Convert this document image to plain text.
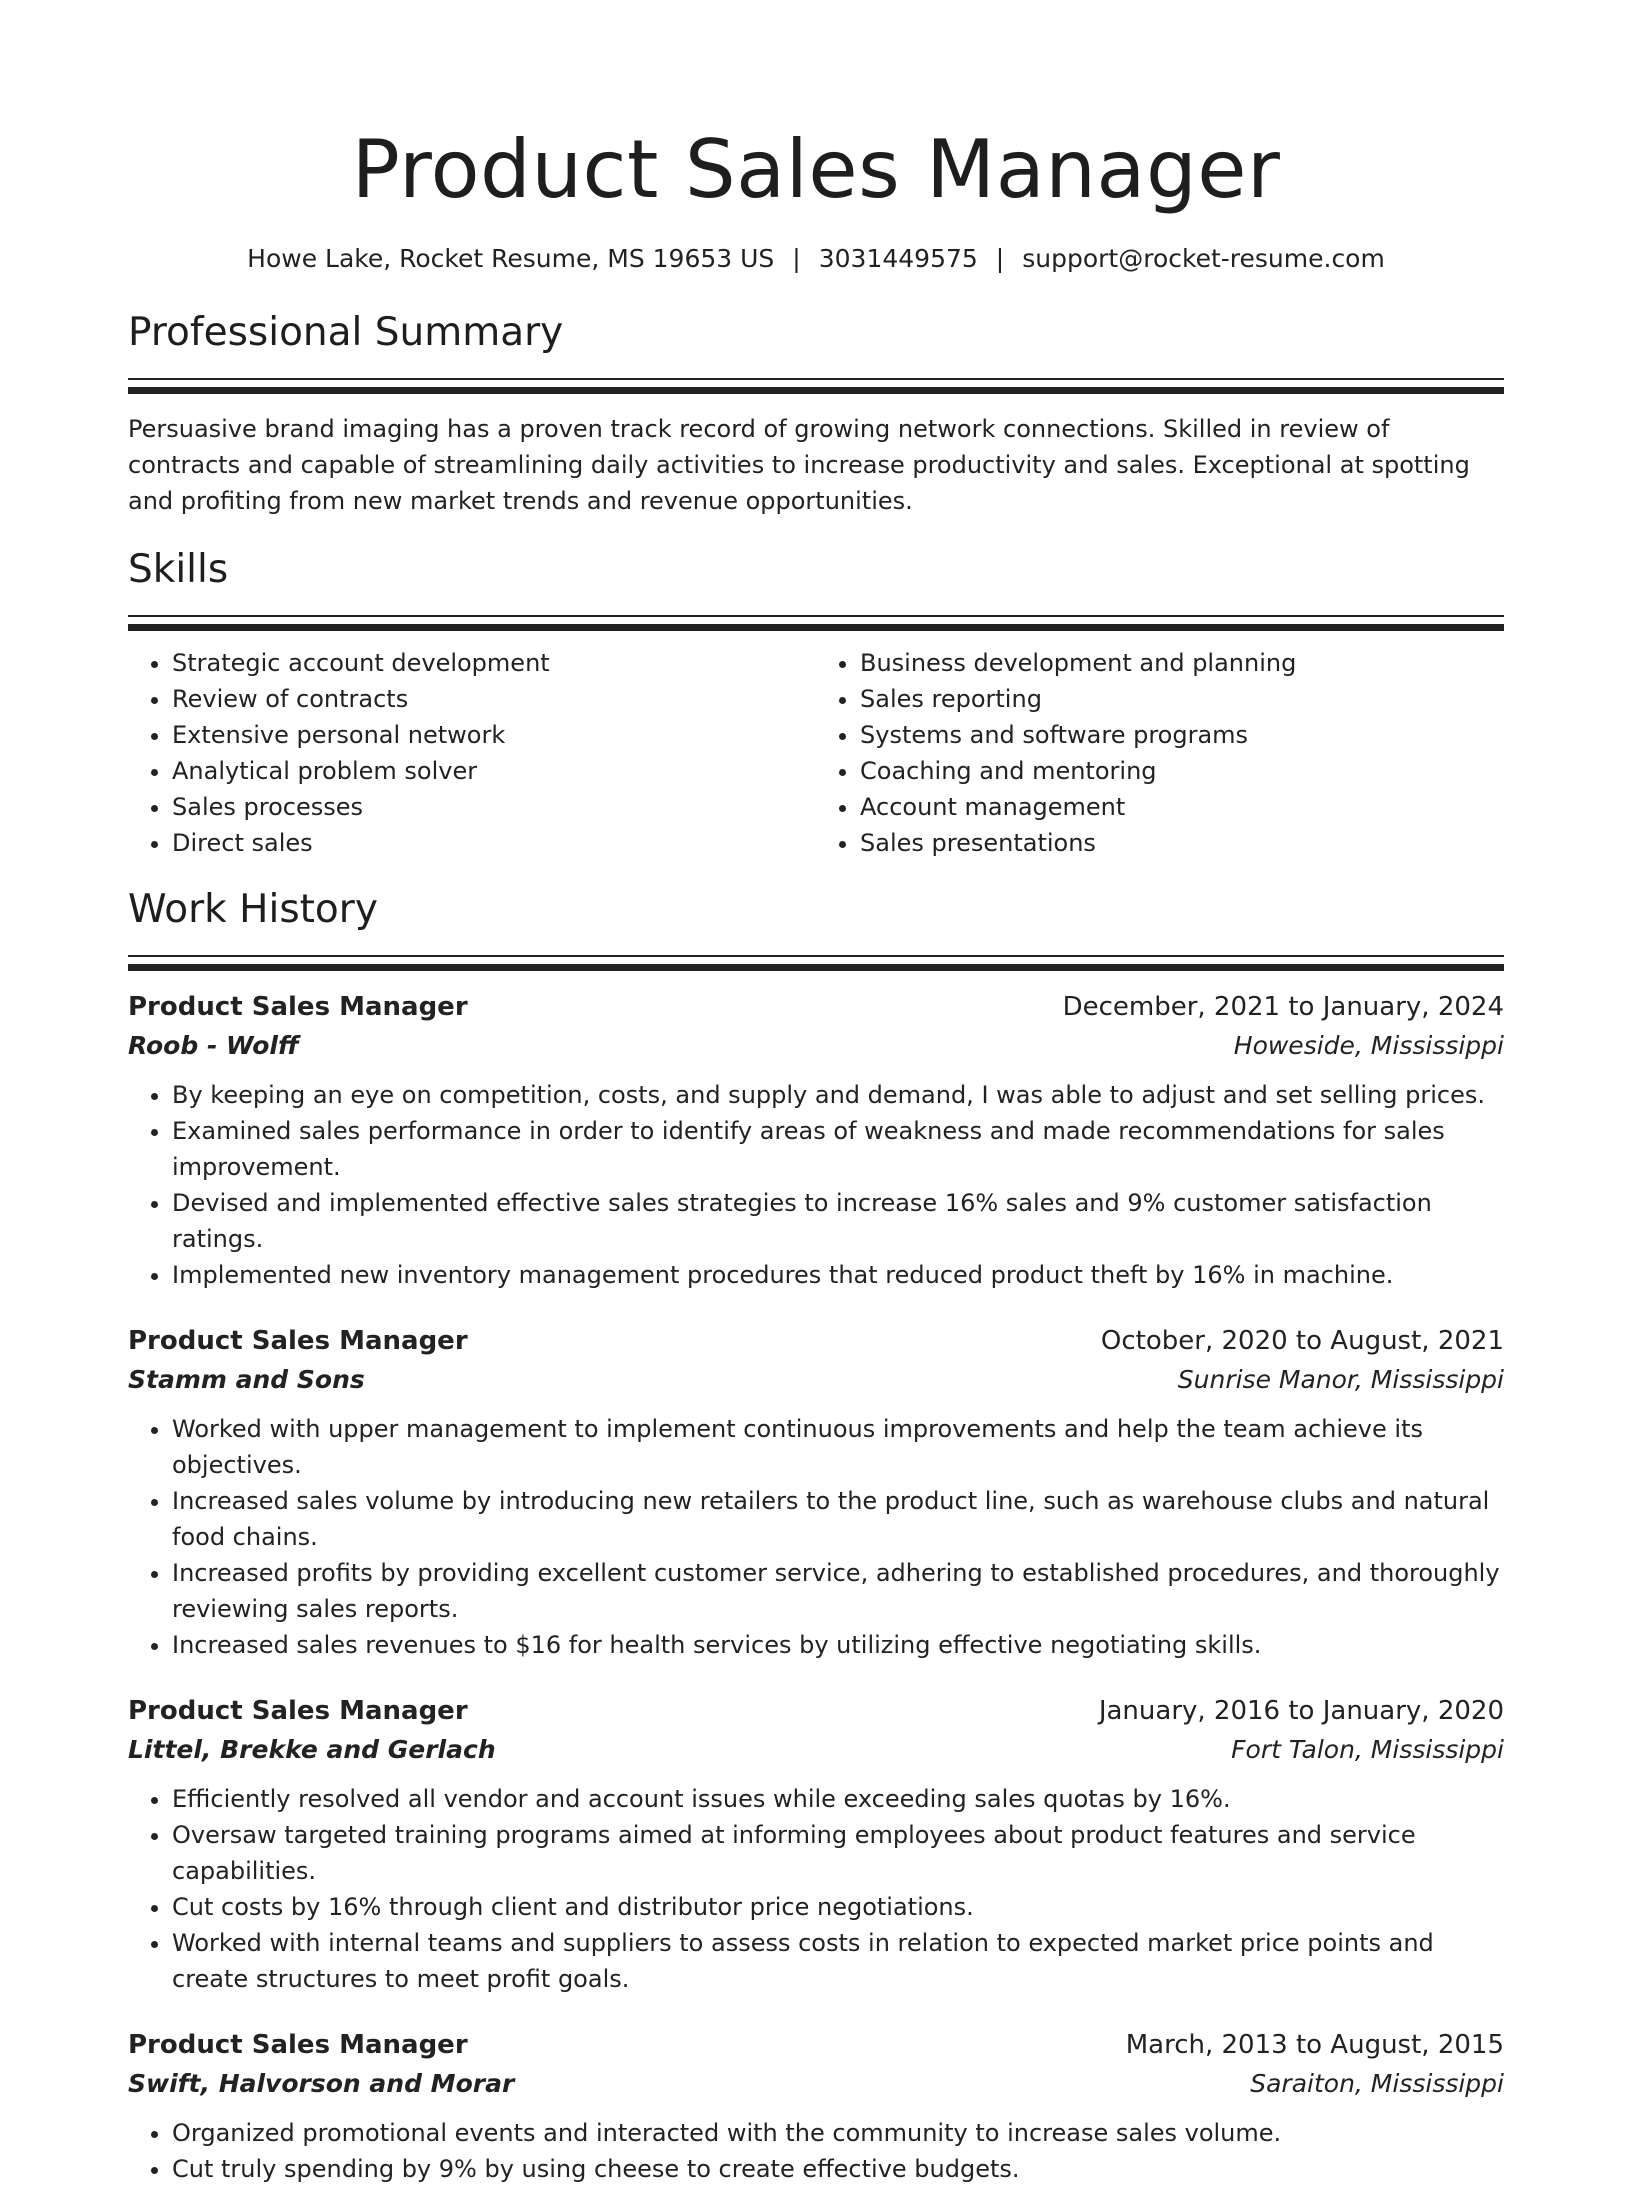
Product Sales Manager
Howe Lake, Rocket Resume, MS 19653 US | 3031449575 | support@rocket-resume.com
Professional Summary
Persuasive brand imaging has a proven track record of growing network connections. Skilled in review of contracts and capable of streamlining daily activities to increase productivity and sales. Exceptional at spotting and profiting from new market trends and revenue opportunities.
Skills
• Strategic account development
• Review of contracts
• Extensive personal network
• Analytical problem solver
• Sales processes
• Direct sales
• Business development and planning
• Sales reporting
• Systems and software programs
• Coaching and mentoring
• Account management
• Sales presentations
Work History
Product Sales Manager	December, 2021 to January, 2024
Roob - Wolff	Howeside, Mississippi
• By keeping an eye on competition, costs, and supply and demand, I was able to adjust and set selling prices.
• Examined sales performance in order to identify areas of weakness and made recommendations for sales improvement.
• Devised and implemented effective sales strategies to increase 16% sales and 9% customer satisfaction ratings.
• Implemented new inventory management procedures that reduced product theft by 16% in machine.
Product Sales Manager	October, 2020 to August, 2021
Stamm and Sons	Sunrise Manor, Mississippi
• Worked with upper management to implement continuous improvements and help the team achieve its objectives.
• Increased sales volume by introducing new retailers to the product line, such as warehouse clubs and natural food chains.
• Increased profits by providing excellent customer service, adhering to established procedures, and thoroughly reviewing sales reports.
• Increased sales revenues to $16 for health services by utilizing effective negotiating skills.
Product Sales Manager	January, 2016 to January, 2020
Littel, Brekke and Gerlach	Fort Talon, Mississippi
• Efficiently resolved all vendor and account issues while exceeding sales quotas by 16%.
• Oversaw targeted training programs aimed at informing employees about product features and service capabilities.
• Cut costs by 16% through client and distributor price negotiations.
• Worked with internal teams and suppliers to assess costs in relation to expected market price points and create structures to meet profit goals.
Product Sales Manager	March, 2013 to August, 2015
Swift, Halvorson and Morar	Saraiton, Mississippi
• Organized promotional events and interacted with the community to increase sales volume.
• Cut truly spending by 9% by using cheese to create effective budgets.
